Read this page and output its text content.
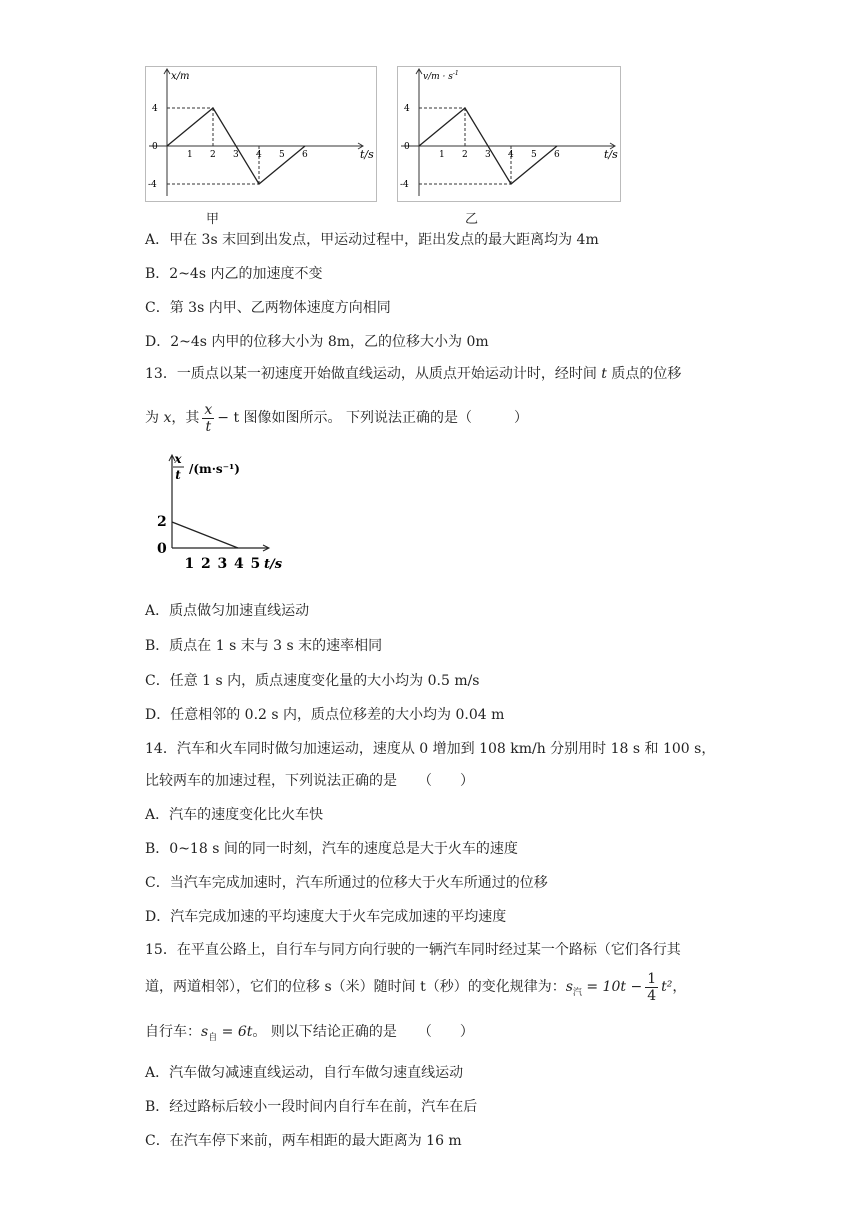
1 2 3 4 5 6
4
0
-4
x/m
t/s	1 2 3 4 5 6
4
0
-4
$v/m \cdot s^{-1}$
t/s
甲	乙
A．甲在 3s 末回到出发点，甲运动过程中，距出发点的最大距离均为 4m
B．2~4s 内乙的加速度不变
C．第 3s 内甲、乙两物体速度方向相同
D．2~4s 内甲的位移大小为 8m，乙的位移大小为 0m
13．一质点以某一初速度开始做直线运动，从质点开始运动计时，经时间 t 质点的位移
为 x，其 $\frac{x}{t} - t$ 图像如图所示。 下列说法正确的是（　　　）
1 2 3 4 5
x
t /(m·s⁻¹)
2
0
t/s
A．质点做匀加速直线运动
B．质点在 1 s 末与 3 s 末的速率相同
C．任意 1 s 内，质点速度变化量的大小均为 0.5 m/s
D．任意相邻的 0.2 s 内，质点位移差的大小均为 0.04 m
14．汽车和火车同时做匀加速运动，速度从 0 增加到 108 km/h 分别用时 18 s 和 100 s，
比较两车的加速过程，下列说法正确的是　　（　　）
A．汽车的速度变化比火车快
B．0~18 s 间的同一时刻，汽车的速度总是大于火车的速度
C．当汽车完成加速时，汽车所通过的位移大于火车所通过的位移
D．汽车完成加速的平均速度大于火车完成加速的平均速度
15．在平直公路上，自行车与同方向行驶的一辆汽车同时经过某一个路标（它们各行其
道，两道相邻），它们的位移 s（米）随时间 t（秒）的变化规律为：$s_汽 = 10t - \frac{1}{4} t^2$，
自行车：$s_自 = 6t$。 则以下结论正确的是　　（　　）
A．汽车做匀减速直线运动，自行车做匀速直线运动
B．经过路标后较小一段时间内自行车在前，汽车在后
C．在汽车停下来前，两车相距的最大距离为 16 m
